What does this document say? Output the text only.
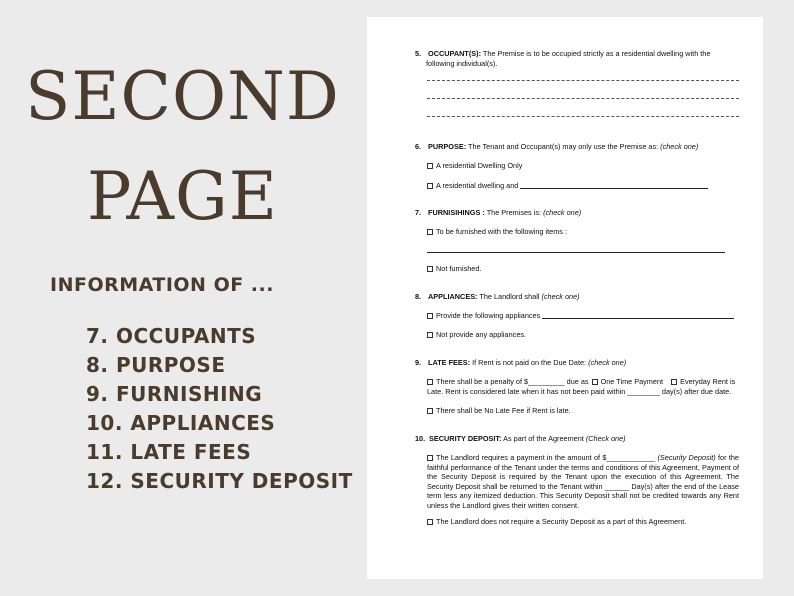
SECOND
PAGE
INFORMATION OF ...
7. OCCUPANTS
8. PURPOSE
9. FURNISHING
10. APPLIANCES
11. LATE FEES
12. SECURITY DEPOSIT
5. OCCUPANT(S): The Premise is to be occupied strictly as a residential dwelling with the
following individual(s).
6. PURPOSE: The Tenant and Occupant(s) may only use the Premise as: (check one)
A residential Dwelling Only
A residential dwelling and
7. FURNISIHINGS : The Premises is: (check one)
To be furnished with the following items :
Not furnished.
8. APPLIANCES: The Landlord shall (check one)
Provide the following appliances
Not provide any appliances.
9. LATE FEES: If Rent is not paid on the Due Date: (check one)
There shall be a penalty of $_________ due as One Time Payment Everyday Rent is
Late. Rent is considered late when it has not been paid within ________ day(s) after due date.
There shall be No Late Fee if Rent is late.
10. SECURITY DEPOSIT: As part of the Agreement (Check one)
The Landlord requires a payment in the amount of $____________ (Security Deposit) for the faithful performance of the Tenant under the terms and conditions of this Agreement, Payment of the Security Deposit is required by the Tenant upon the execution of this Agreement. The Security Deposit shall be returned to the Tenant within ______ Day(s) after the end of the Lease term less any itemized deduction. This Security Deposit shall not be credited towards any Rent unless the Landlord gives their written consent.
The Landlord does not require a Security Deposit as a part of this Agreement.
